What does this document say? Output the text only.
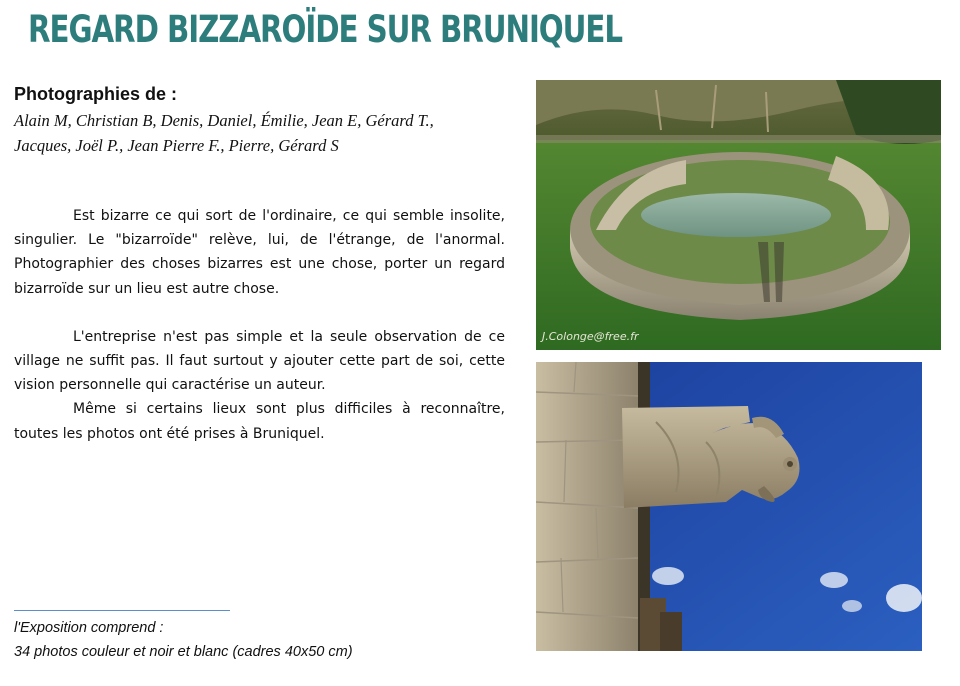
REGARD BIZZAROÏDE SUR BRUNIQUEL
Photographies de :
Alain M, Christian B, Denis, Daniel, Émilie, Jean E, Gérard T.,
Jacques, Joël P., Jean Pierre F., Pierre, Gérard S

Est bizarre ce qui sort de l'ordinaire, ce qui semble insolite, singulier. Le "bizarroïde" relève, lui, de l'étrange, de l'anormal. Photographier des choses bizarres est une chose, porter un regard bizarroïde sur un lieu est autre chose.

L'entreprise n'est pas simple et la seule observation de ce village ne suffit pas. Il faut surtout y ajouter cette part de soi, cette vision personnelle qui caractérise un auteur.

Même si certains lieux sont plus difficiles à reconnaître, toutes les photos ont été prises à Bruniquel.

l'Exposition comprend :
34 photos couleur et noir et blanc (cadres 40x50 cm)
J.Colonge@free.fr
